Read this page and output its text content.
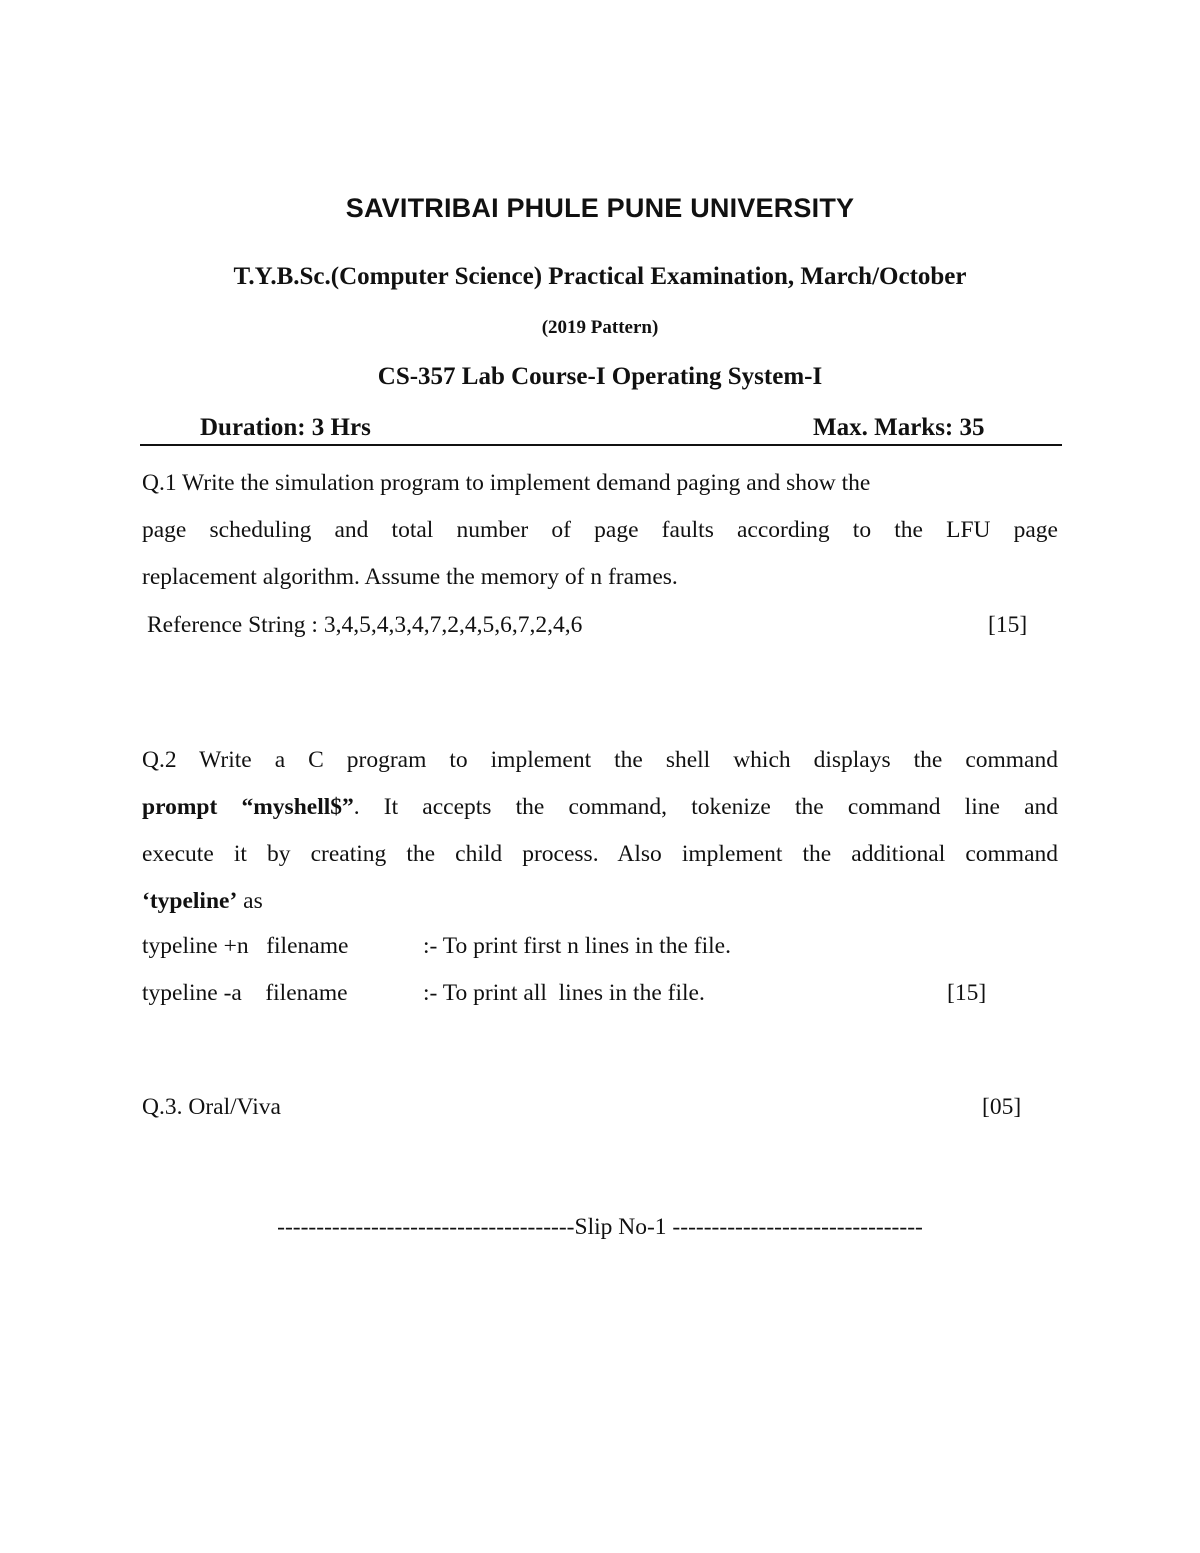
SAVITRIBAI PHULE PUNE UNIVERSITY
T.Y.B.Sc.(Computer Science) Practical Examination, March/October
(2019 Pattern)
CS-357 Lab Course-I Operating System-I
Duration: 3 Hrs	Max. Marks: 35
Q.1 Write the simulation program to implement demand paging and show the
page scheduling and total number of page faults according to the LFU page
replacement algorithm. Assume the memory of n frames.
Reference String : 3,4,5,4,3,4,7,2,4,5,6,7,2,4,6	[15]
Q.2 Write a C program to implement the shell which displays the command
prompt “myshell$”. It accepts the command, tokenize the command line and
execute it by creating the child process. Also implement the additional command
‘typeline’ as
typeline +n   filename	:- To print first n lines in the file.
typeline -a    filename	:- To print all  lines in the file.	[15]
Q.3. Oral/Viva	[05]
--------------------------------------Slip No-1 --------------------------------
